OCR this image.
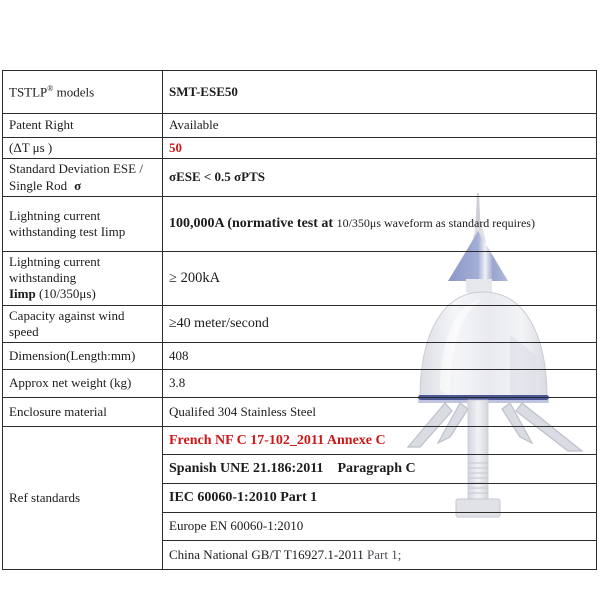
TSTLP® models	SMT-ESE50
Patent Right	Available
(ΔT μs )	50
Standard Deviation ESE /
Single Rod σ	σESE < 0.5 σPTS
Lightning current
withstanding test Iimp	100,000A (normative test at 10/350μs waveform as standard requires)
Lightning current withstanding
Iimp (10/350μs)	≥ 200kA
Capacity against wind speed	≥40 meter/second
Dimension(Length:mm)	408
Approx net weight (kg)	3.8
Enclosure material	Qualifed 304 Stainless Steel
Ref standards	French NF C 17-102_2011 Annexe C
	Spanish UNE 21.186:2011 Paragraph C
	IEC 60060-1:2010 Part 1
	Europe EN 60060-1:2010
	China National GB/T T16927.1-2011 Part 1;
